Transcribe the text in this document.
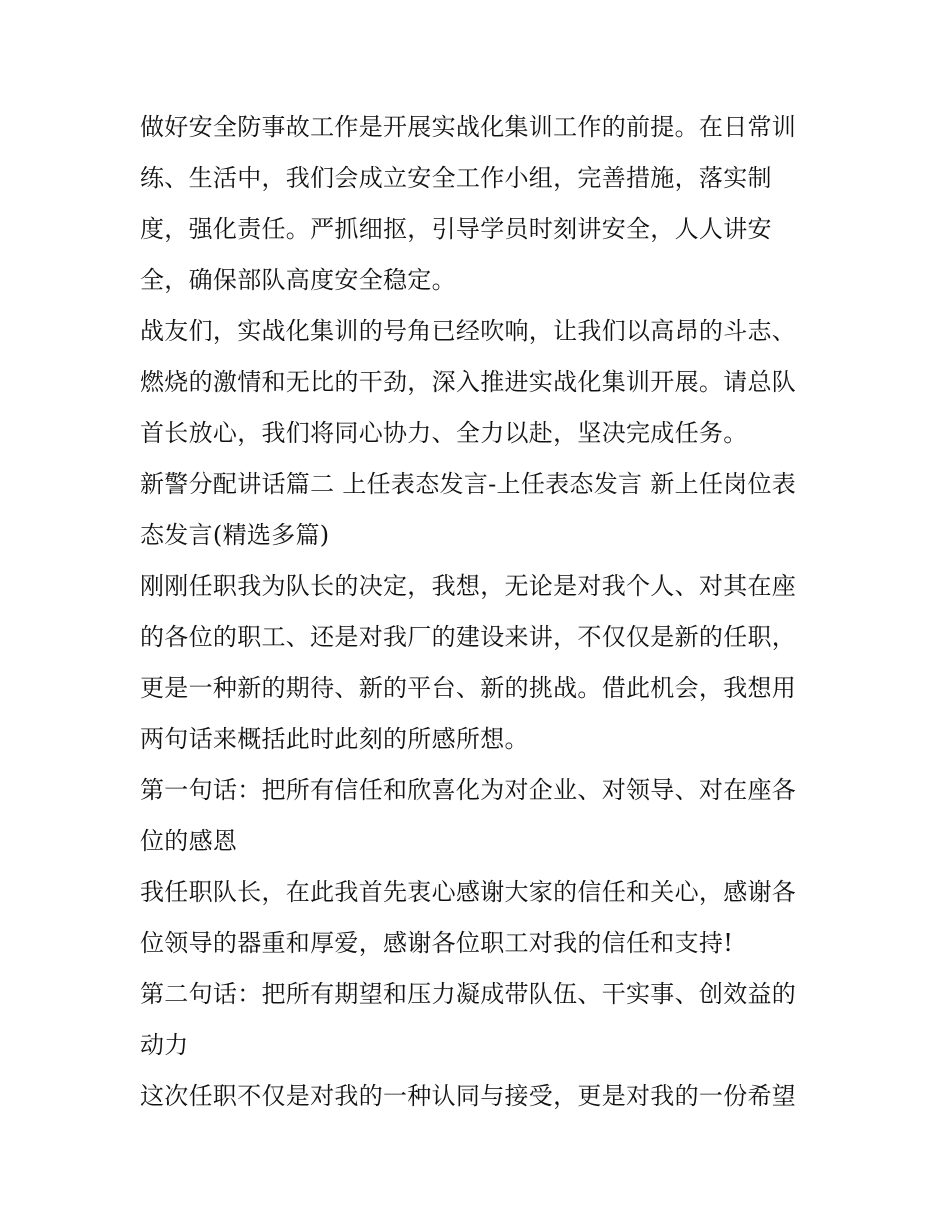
做好安全防事故工作是开展实战化集训工作的前提。在日常训练、生活中，我们会成立安全工作小组，完善措施，落实制度，强化责任。严抓细抠，引导学员时刻讲安全，人人讲安全，确保部队高度安全稳定。

战友们，实战化集训的号角已经吹响，让我们以高昂的斗志、燃烧的激情和无比的干劲，深入推进实战化集训开展。请总队首长放心，我们将同心协力、全力以赴，坚决完成任务。

新警分配讲话篇二 上任表态发言-上任表态发言 新上任岗位表态发言(精选多篇)

刚刚任职我为队长的决定，我想，无论是对我个人、对其在座的各位的职工、还是对我厂的建设来讲，不仅仅是新的任职，更是一种新的期待、新的平台、新的挑战。借此机会，我想用两句话来概括此时此刻的所感所想。

第一句话：把所有信任和欣喜化为对企业、对领导、对在座各位的感恩

我任职队长，在此我首先衷心感谢大家的信任和关心，感谢各位领导的器重和厚爱，感谢各位职工对我的信任和支持!

第二句话：把所有期望和压力凝成带队伍、干实事、创效益的动力

这次任职不仅是对我的一种认同与接受，更是对我的一份希望
